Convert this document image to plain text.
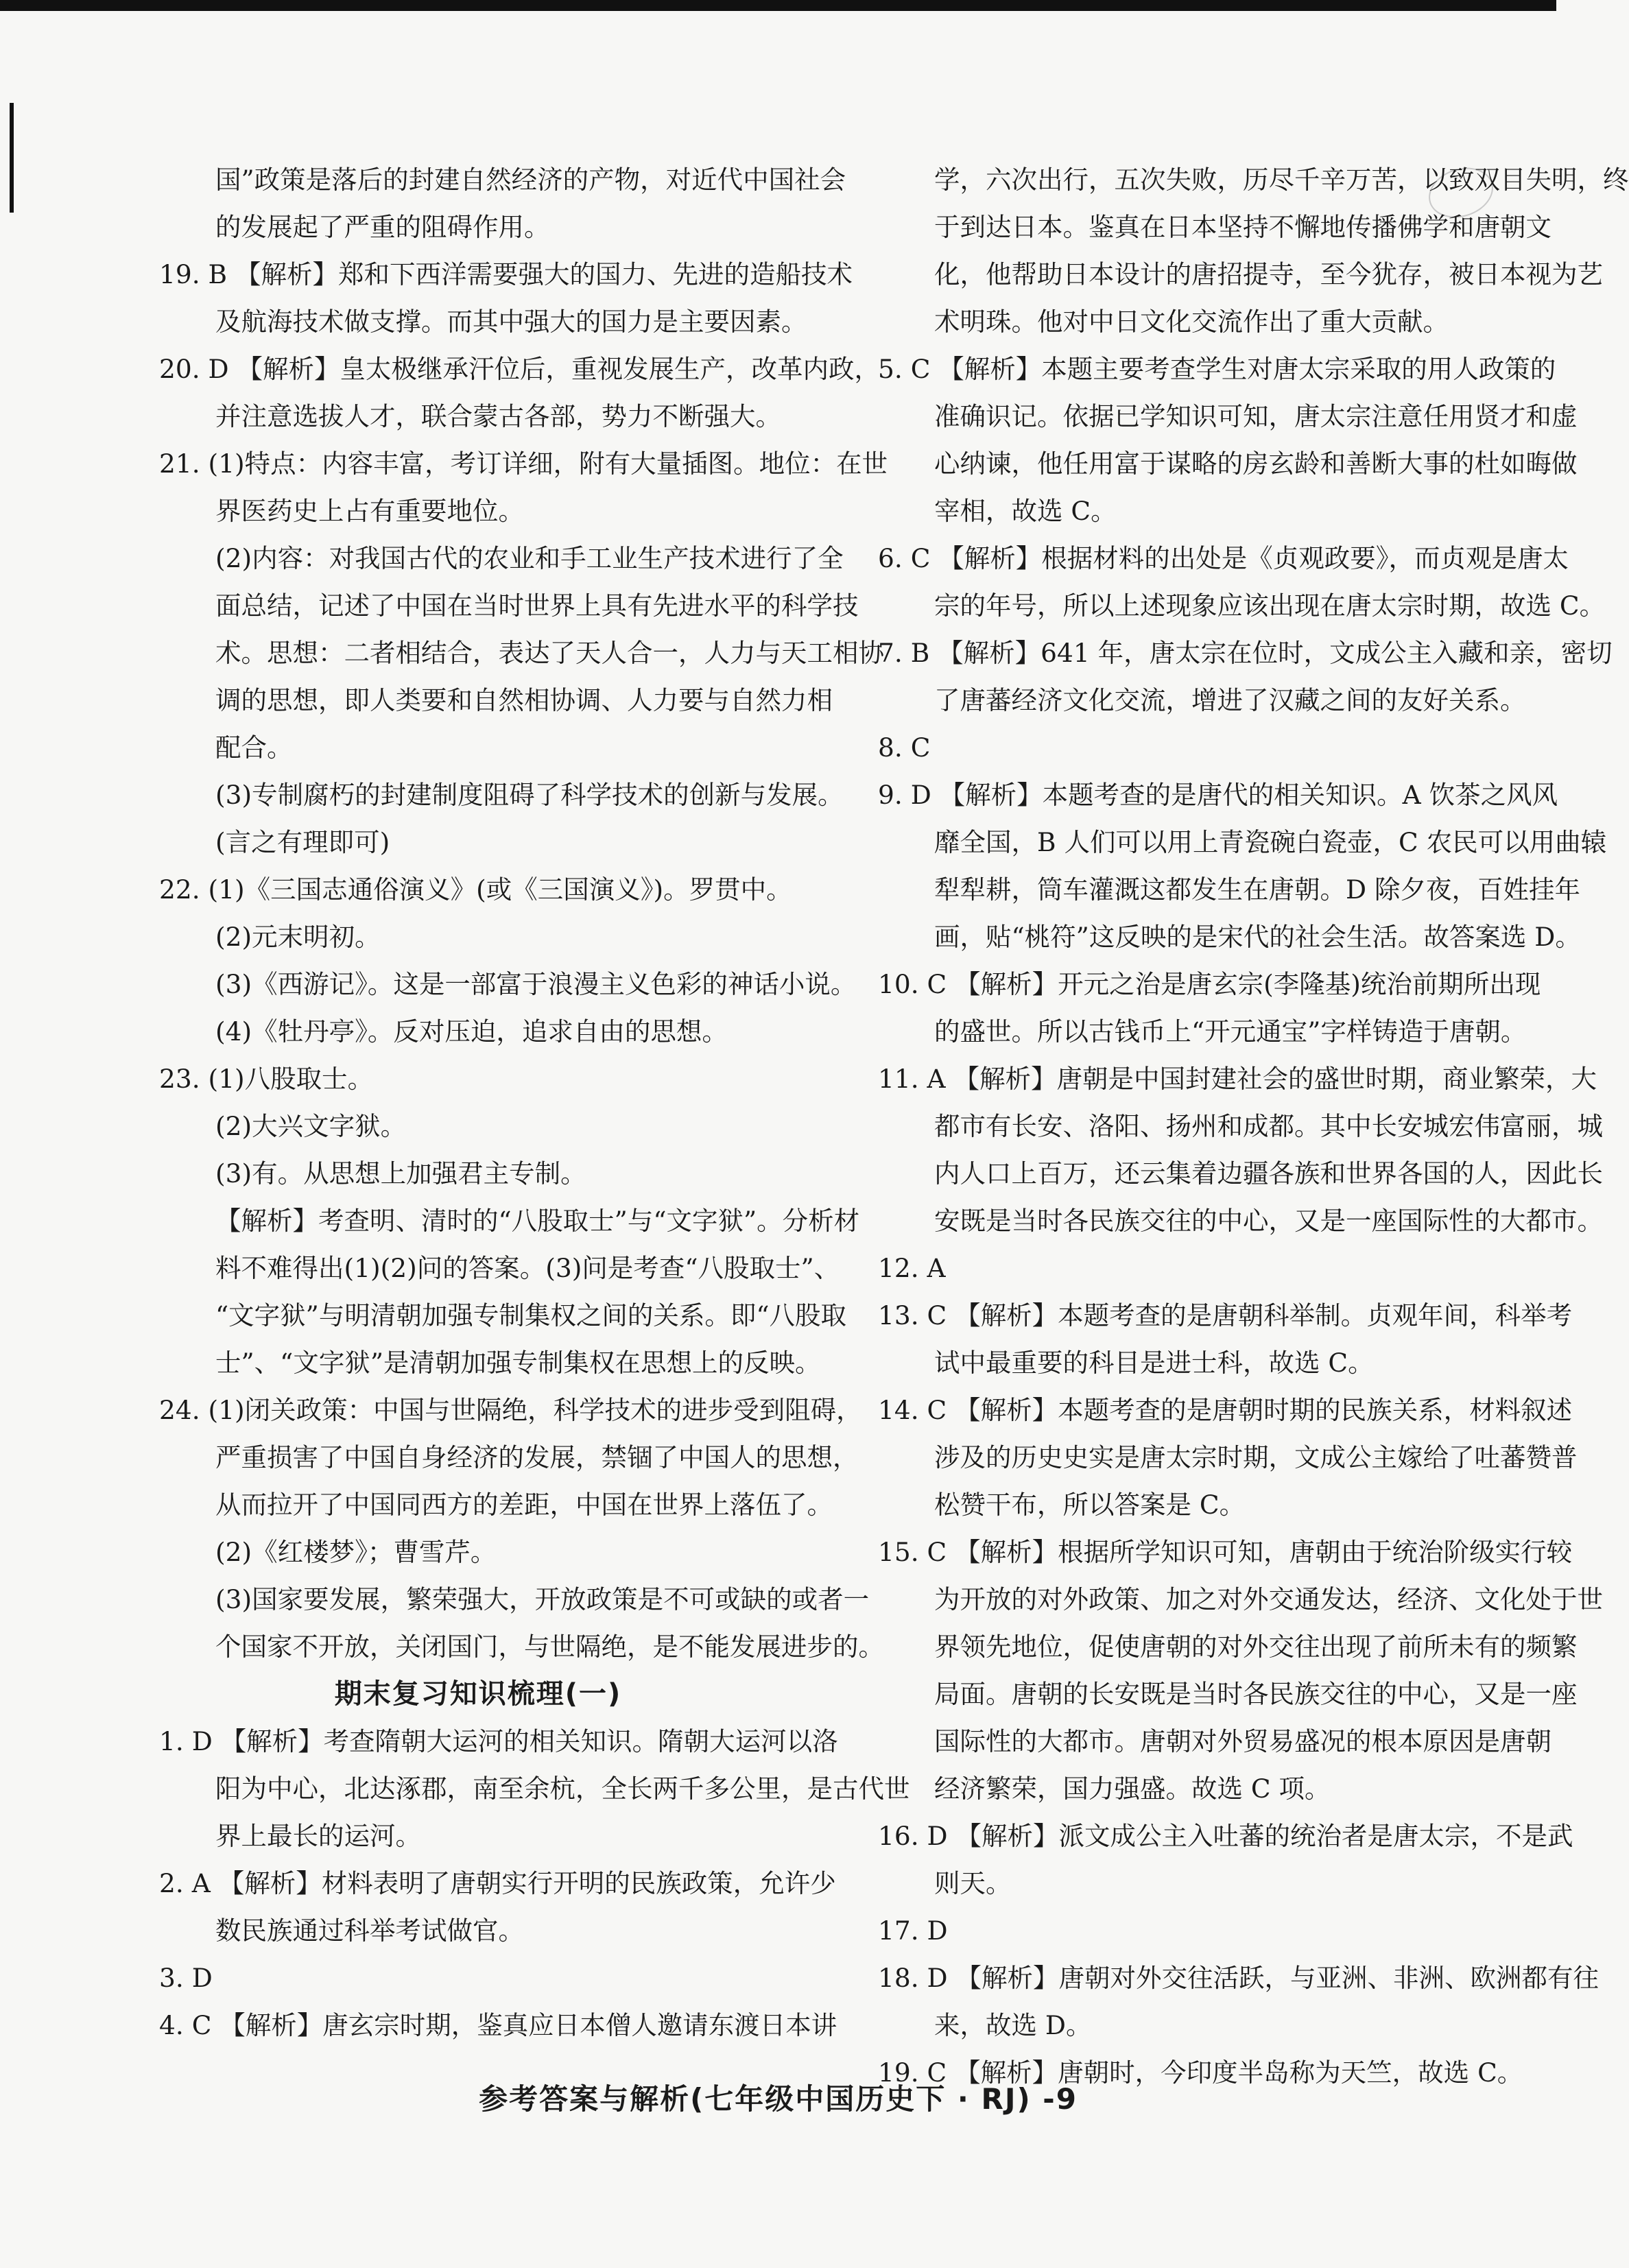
国”政策是落后的封建自然经济的产物，对近代中国社会
的发展起了严重的阻碍作用。
19. B 【解析】郑和下西洋需要强大的国力、先进的造船技术
及航海技术做支撑。而其中强大的国力是主要因素。
20. D 【解析】皇太极继承汗位后，重视发展生产，改革内政，
并注意选拔人才，联合蒙古各部，势力不断强大。
21. (1)特点：内容丰富，考订详细，附有大量插图。地位：在世
界医药史上占有重要地位。
(2)内容：对我国古代的农业和手工业生产技术进行了全
面总结，记述了中国在当时世界上具有先进水平的科学技
术。思想：二者相结合，表达了天人合一，人力与天工相协
调的思想，即人类要和自然相协调、人力要与自然力相
配合。
(3)专制腐朽的封建制度阻碍了科学技术的创新与发展。
(言之有理即可)
22. (1)《三国志通俗演义》(或《三国演义》)。罗贯中。
(2)元末明初。
(3)《西游记》。这是一部富于浪漫主义色彩的神话小说。
(4)《牡丹亭》。反对压迫，追求自由的思想。
23. (1)八股取士。
(2)大兴文字狱。
(3)有。从思想上加强君主专制。
【解析】考查明、清时的“八股取士”与“文字狱”。分析材
料不难得出(1)(2)问的答案。(3)问是考查“八股取士”、
“文字狱”与明清朝加强专制集权之间的关系。即“八股取
士”、“文字狱”是清朝加强专制集权在思想上的反映。
24. (1)闭关政策：中国与世隔绝，科学技术的进步受到阻碍，
严重损害了中国自身经济的发展，禁锢了中国人的思想，
从而拉开了中国同西方的差距，中国在世界上落伍了。
(2)《红楼梦》；曹雪芹。
(3)国家要发展，繁荣强大，开放政策是不可或缺的或者一
个国家不开放，关闭国门，与世隔绝，是不能发展进步的。
期末复习知识梳理(一)
1. D 【解析】考查隋朝大运河的相关知识。隋朝大运河以洛
阳为中心，北达涿郡，南至余杭，全长两千多公里，是古代世
界上最长的运河。
2. A 【解析】材料表明了唐朝实行开明的民族政策，允许少
数民族通过科举考试做官。
3. D
4. C 【解析】唐玄宗时期，鉴真应日本僧人邀请东渡日本讲
学，六次出行，五次失败，历尽千辛万苦，以致双目失明，终
于到达日本。鉴真在日本坚持不懈地传播佛学和唐朝文
化，他帮助日本设计的唐招提寺，至今犹存，被日本视为艺
术明珠。他对中日文化交流作出了重大贡献。
5. C 【解析】本题主要考查学生对唐太宗采取的用人政策的
准确识记。依据已学知识可知，唐太宗注意任用贤才和虚
心纳谏，他任用富于谋略的房玄龄和善断大事的杜如晦做
宰相，故选 C。
6. C 【解析】根据材料的出处是《贞观政要》，而贞观是唐太
宗的年号，所以上述现象应该出现在唐太宗时期，故选 C。
7. B 【解析】641 年，唐太宗在位时，文成公主入藏和亲，密切
了唐蕃经济文化交流，增进了汉藏之间的友好关系。
8. C
9. D 【解析】本题考查的是唐代的相关知识。A 饮茶之风风
靡全国，B 人们可以用上青瓷碗白瓷壶，C 农民可以用曲辕
犁犁耕，筒车灌溉这都发生在唐朝。D 除夕夜，百姓挂年
画，贴“桃符”这反映的是宋代的社会生活。故答案选 D。
10. C 【解析】开元之治是唐玄宗(李隆基)统治前期所出现
的盛世。所以古钱币上“开元通宝”字样铸造于唐朝。
11. A 【解析】唐朝是中国封建社会的盛世时期，商业繁荣，大
都市有长安、洛阳、扬州和成都。其中长安城宏伟富丽，城
内人口上百万，还云集着边疆各族和世界各国的人，因此长
安既是当时各民族交往的中心，又是一座国际性的大都市。
12. A
13. C 【解析】本题考查的是唐朝科举制。贞观年间，科举考
试中最重要的科目是进士科，故选 C。
14. C 【解析】本题考查的是唐朝时期的民族关系，材料叙述
涉及的历史史实是唐太宗时期，文成公主嫁给了吐蕃赞普
松赞干布，所以答案是 C。
15. C 【解析】根据所学知识可知，唐朝由于统治阶级实行较
为开放的对外政策、加之对外交通发达，经济、文化处于世
界领先地位，促使唐朝的对外交往出现了前所未有的频繁
局面。唐朝的长安既是当时各民族交往的中心，又是一座
国际性的大都市。唐朝对外贸易盛况的根本原因是唐朝
经济繁荣，国力强盛。故选 C 项。
16. D 【解析】派文成公主入吐蕃的统治者是唐太宗，不是武
则天。
17. D
18. D 【解析】唐朝对外交往活跃，与亚洲、非洲、欧洲都有往
来，故选 D。
19. C 【解析】唐朝时，今印度半岛称为天竺，故选 C。
参考答案与解析(七年级中国历史下 · RJ) -9
